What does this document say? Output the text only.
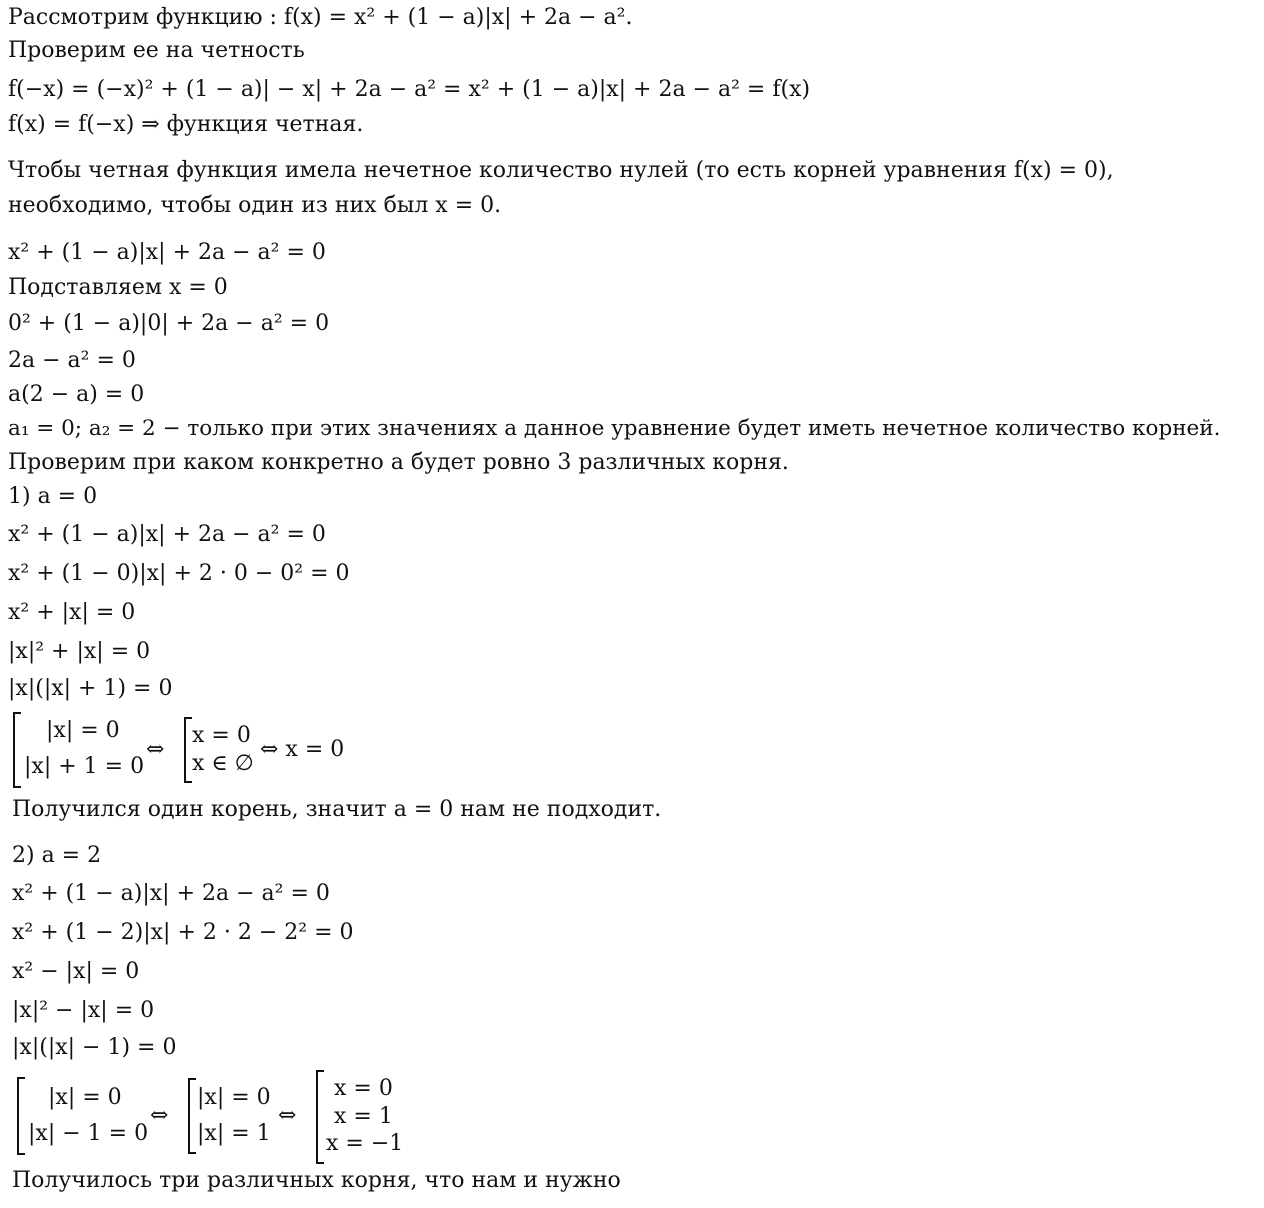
Рассмотрим функцию : f(x) = x² + (1 − a)|x| + 2a − a².
Проверим ее на четность
f(−x) = (−x)² + (1 − a)| − x| + 2a − a² = x² + (1 − a)|x| + 2a − a² = f(x)
f(x) = f(−x) ⇒ функция четная.
Чтобы четная функция имела нечетное количество нулей (то есть корней уравнения f(x) = 0),
необходимо, чтобы один из них был x = 0.
x² + (1 − a)|x| + 2a − a² = 0
Подставляем x = 0
0² + (1 − a)|0| + 2a − a² = 0
2a − a² = 0
a(2 − a) = 0
a₁ = 0; a₂ = 2 − только при этих значениях а данное уравнение будет иметь нечетное количество корней.
Проверим при каком конкретно а будет ровно 3 различных корня.
1) a = 0
x² + (1 − a)|x| + 2a − a² = 0
x² + (1 − 0)|x| + 2 · 0 − 0² = 0
x² + |x| = 0
|x|² + |x| = 0
|x|(|x| + 1) = 0
|x| = 0
|x| + 1 = 0
⇔
x = 0
x ∈ ∅
⇔ x = 0
Получился один корень, значит а = 0 нам не подходит.
2) a = 2
x² + (1 − a)|x| + 2a − a² = 0
x² + (1 − 2)|x| + 2 · 2 − 2² = 0
x² − |x| = 0
|x|² − |x| = 0
|x|(|x| − 1) = 0
|x| = 0
|x| − 1 = 0
⇔
|x| = 0
|x| = 1
⇔
x = 0
x = 1
x = −1
Получилось три различных корня, что нам и нужно
